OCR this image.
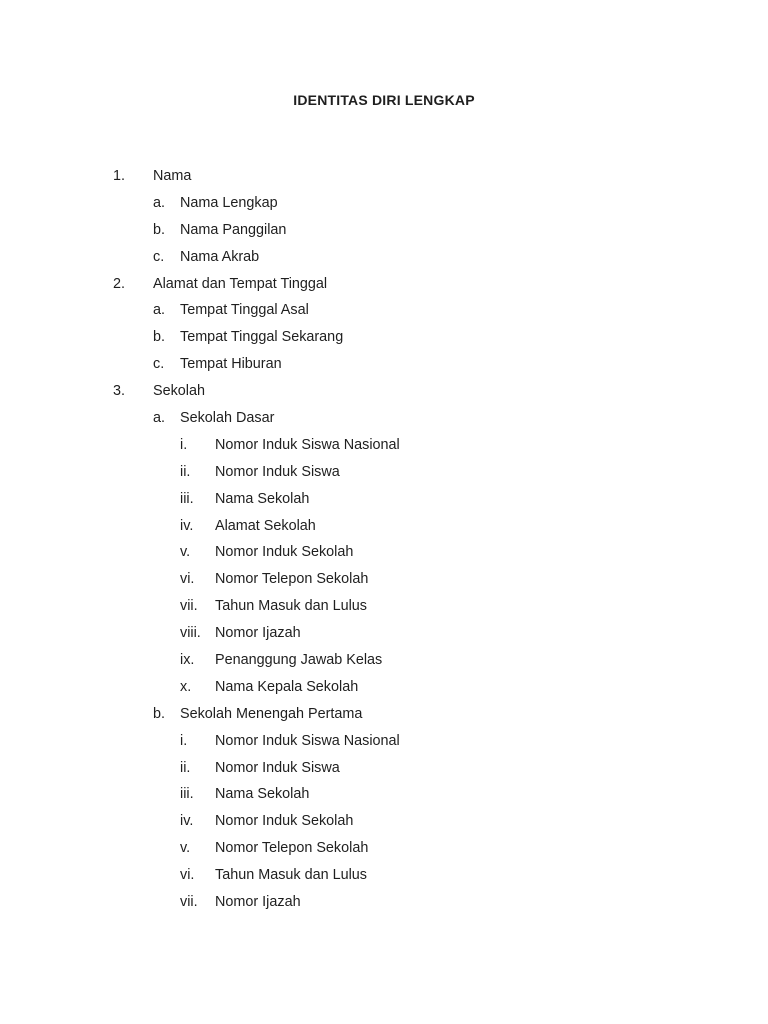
IDENTITAS DIRI LENGKAP
1. Nama
a. Nama Lengkap
b. Nama Panggilan
c. Nama Akrab
2. Alamat dan Tempat Tinggal
a. Tempat Tinggal Asal
b. Tempat Tinggal Sekarang
c. Tempat Hiburan
3. Sekolah
a. Sekolah Dasar
i. Nomor Induk Siswa Nasional
ii. Nomor Induk Siswa
iii. Nama Sekolah
iv. Alamat Sekolah
v. Nomor Induk Sekolah
vi. Nomor Telepon Sekolah
vii. Tahun Masuk dan Lulus
viii. Nomor Ijazah
ix. Penanggung Jawab Kelas
x. Nama Kepala Sekolah
b. Sekolah Menengah Pertama
i. Nomor Induk Siswa Nasional
ii. Nomor Induk Siswa
iii. Nama Sekolah
iv. Nomor Induk Sekolah
v. Nomor Telepon Sekolah
vi. Tahun Masuk dan Lulus
vii. Nomor Ijazah
